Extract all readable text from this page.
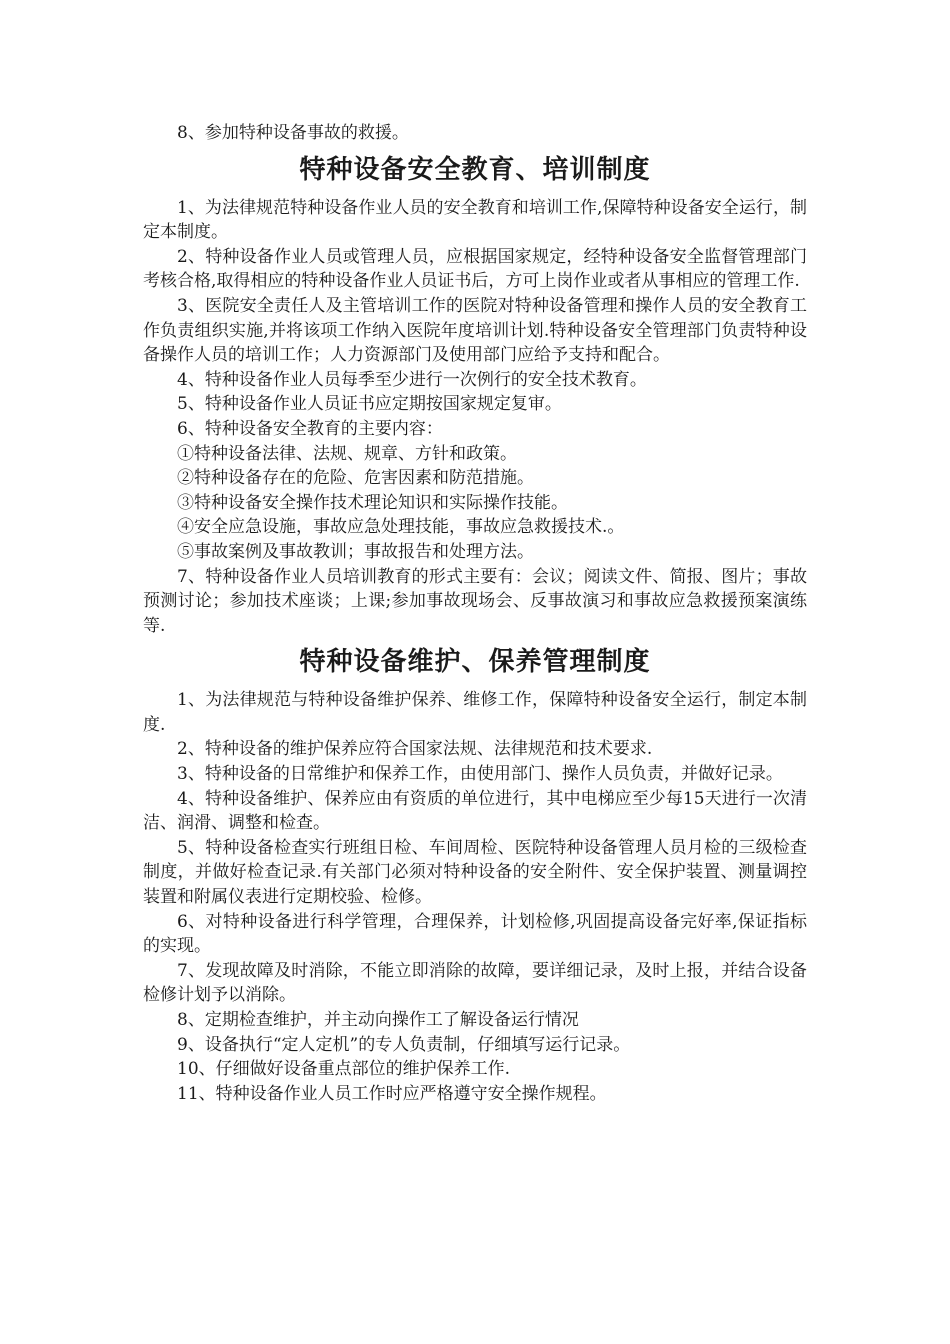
8、参加特种设备事故的救援。

特种设备安全教育、培训制度

1、为法律规范特种设备作业人员的安全教育和培训工作,保障特种设备安全运行，制定本制度。

2、特种设备作业人员或管理人员，应根据国家规定，经特种设备安全监督管理部门考核合格,取得相应的特种设备作业人员证书后，方可上岗作业或者从事相应的管理工作.

3、医院安全责任人及主管培训工作的医院对特种设备管理和操作人员的安全教育工作负责组织实施,并将该项工作纳入医院年度培训计划.特种设备安全管理部门负责特种设备操作人员的培训工作；人力资源部门及使用部门应给予支持和配合。

4、特种设备作业人员每季至少进行一次例行的安全技术教育。

5、特种设备作业人员证书应定期按国家规定复审。

6、特种设备安全教育的主要内容：

①特种设备法律、法规、规章、方针和政策。

②特种设备存在的危险、危害因素和防范措施。

③特种设备安全操作技术理论知识和实际操作技能。

④安全应急设施，事故应急处理技能，事故应急救援技术.。

⑤事故案例及事故教训；事故报告和处理方法。

7、特种设备作业人员培训教育的形式主要有：会议；阅读文件、简报、图片；事故预测讨论；参加技术座谈；上课;参加事故现场会、反事故演习和事故应急救援预案演练等.

特种设备维护、保养管理制度

1、为法律规范与特种设备维护保养、维修工作，保障特种设备安全运行，制定本制度.

2、特种设备的维护保养应符合国家法规、法律规范和技术要求.

3、特种设备的日常维护和保养工作，由使用部门、操作人员负责，并做好记录。

4、特种设备维护、保养应由有资质的单位进行，其中电梯应至少每15天进行一次清洁、润滑、调整和检查。

5、特种设备检查实行班组日检、车间周检、医院特种设备管理人员月检的三级检查制度，并做好检查记录.有关部门必须对特种设备的安全附件、安全保护装置、测量调控装置和附属仪表进行定期校验、检修。

6、对特种设备进行科学管理，合理保养，计划检修,巩固提高设备完好率,保证指标的实现。

7、发现故障及时消除，不能立即消除的故障，要详细记录，及时上报，并结合设备检修计划予以消除。

8、定期检查维护，并主动向操作工了解设备运行情况

9、设备执行“定人定机”的专人负责制，仔细填写运行记录。

10、仔细做好设备重点部位的维护保养工作.

11、特种设备作业人员工作时应严格遵守安全操作规程。
